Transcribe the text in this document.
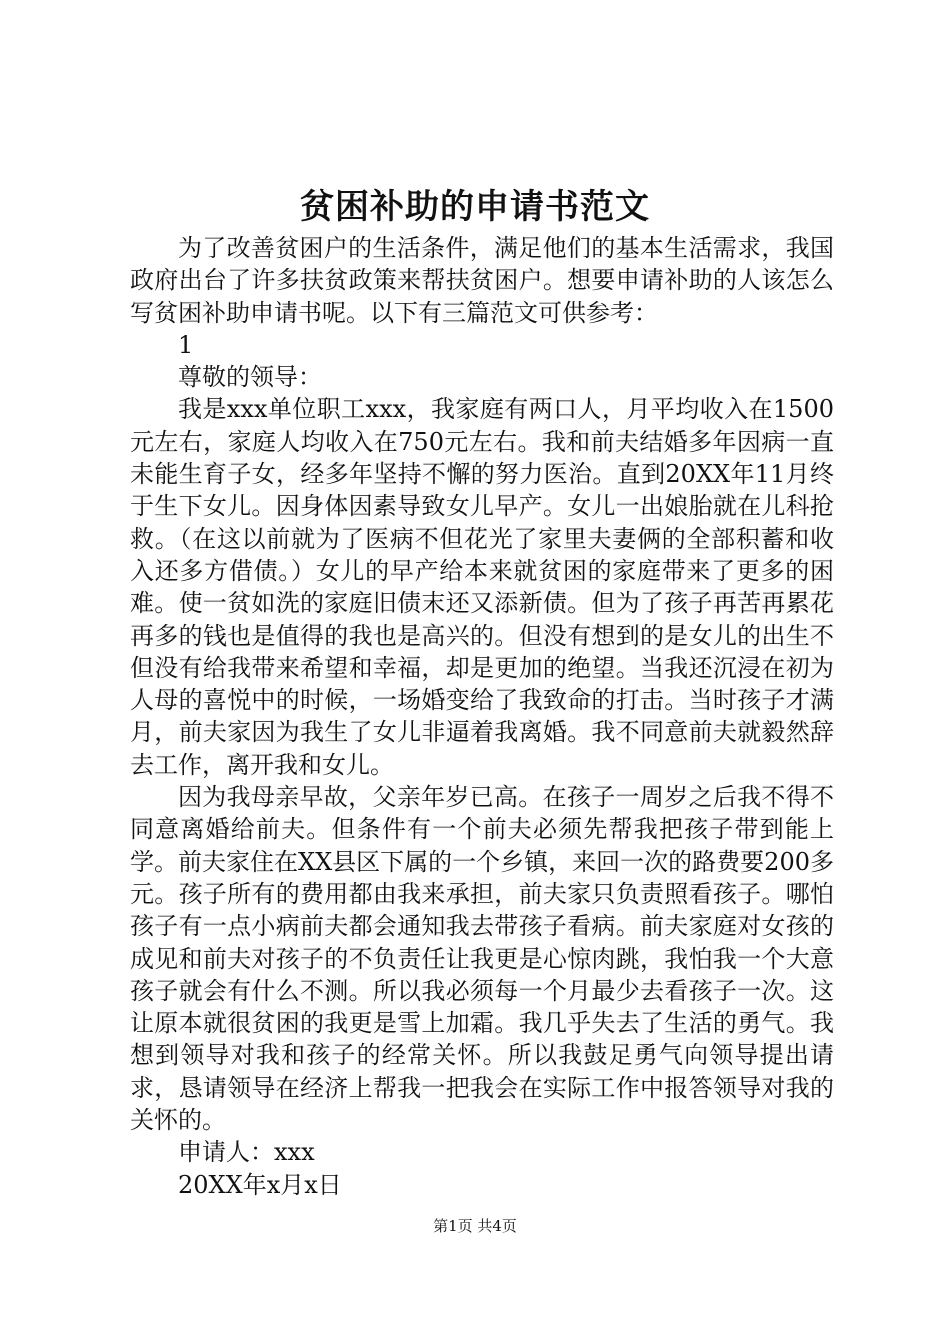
贫困补助的申请书范文

为了改善贫困户的生活条件，满足他们的基本生活需求，我国政府出台了许多扶贫政策来帮扶贫困户。想要申请补助的人该怎么写贫困补助申请书呢。以下有三篇范文可供参考：

1

尊敬的领导：

我是xxx单位职工xxx，我家庭有两口人，月平均收入在1500元左右，家庭人均收入在750元左右。我和前夫结婚多年因病一直未能生育子女，经多年坚持不懈的努力医治。直到20XX年11月终于生下女儿。因身体因素导致女儿早产。女儿一出娘胎就在儿科抢救。（在这以前就为了医病不但花光了家里夫妻俩的全部积蓄和收入还多方借债。）女儿的早产给本来就贫困的家庭带来了更多的困难。使一贫如洗的家庭旧债末还又添新债。但为了孩子再苦再累花再多的钱也是值得的我也是高兴的。但没有想到的是女儿的出生不但没有给我带来希望和幸福，却是更加的绝望。当我还沉浸在初为人母的喜悦中的时候，一场婚变给了我致命的打击。当时孩子才满月，前夫家因为我生了女儿非逼着我离婚。我不同意前夫就毅然辞去工作，离开我和女儿。

因为我母亲早故，父亲年岁已高。在孩子一周岁之后我不得不同意离婚给前夫。但条件有一个前夫必须先帮我把孩子带到能上学。前夫家住在XX县区下属的一个乡镇，来回一次的路费要200多元。孩子所有的费用都由我来承担，前夫家只负责照看孩子。哪怕孩子有一点小病前夫都会通知我去带孩子看病。前夫家庭对女孩的成见和前夫对孩子的不负责任让我更是心惊肉跳，我怕我一个大意孩子就会有什么不测。所以我必须每一个月最少去看孩子一次。这让原本就很贫困的我更是雪上加霜。我几乎失去了生活的勇气。我想到领导对我和孩子的经常关怀。所以我鼓足勇气向领导提出请求，恳请领导在经济上帮我一把我会在实际工作中报答领导对我的关怀的。

申请人：xxx

20XX年x月x日

第1页 共4页
